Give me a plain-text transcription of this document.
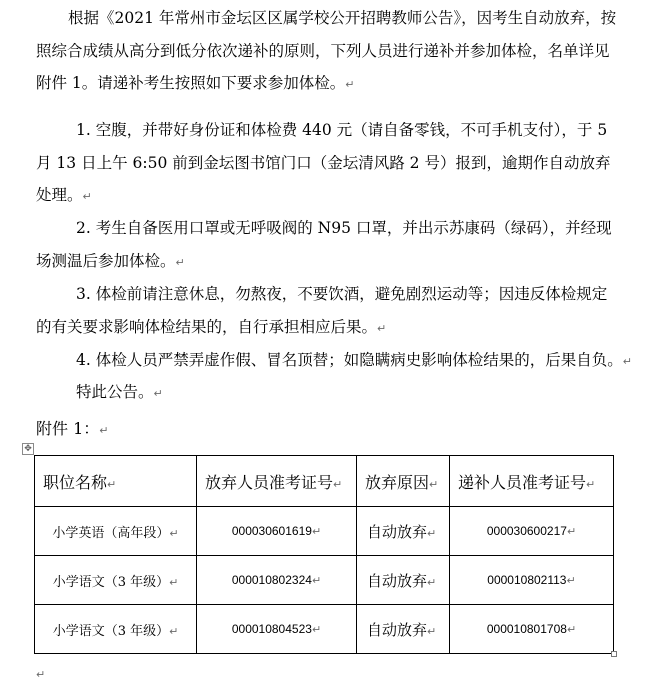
根据《2021 年常州市金坛区区属学校公开招聘教师公告》，因考生自动放弃，按照综合成绩从高分到低分依次递补的原则，下列人员进行递补并参加体检，名单详见附件 1。请递补考生按照如下要求参加体检。↵

1. 空腹，并带好身份证和体检费 440 元（请自备零钱，不可手机支付），于 5 月 13 日上午 6:50 前到金坛图书馆门口（金坛清风路 2 号）报到，逾期作自动放弃处理。↵

2. 考生自备医用口罩或无呼吸阀的 N95 口罩，并出示苏康码（绿码），并经现场测温后参加体检。↵

3. 体检前请注意休息，勿熬夜，不要饮酒，避免剧烈运动等；因违反体检规定的有关要求影响体检结果的，自行承担相应后果。↵

4. 体检人员严禁弄虚作假、冒名顶替；如隐瞒病史影响体检结果的，后果自负。↵

特此公告。↵

附件 1：↵
✥
职位名称↵	放弃人员准考证号↵	放弃原因↵	递补人员准考证号↵
小学英语（高年段）↵	000030601619↵	自动放弃↵	000030600217↵
小学语文（3 年级）↵	000010802324↵	自动放弃↵	000010802113↵
小学语文（3 年级）↵	000010804523↵	自动放弃↵	000010801708↵
↵
